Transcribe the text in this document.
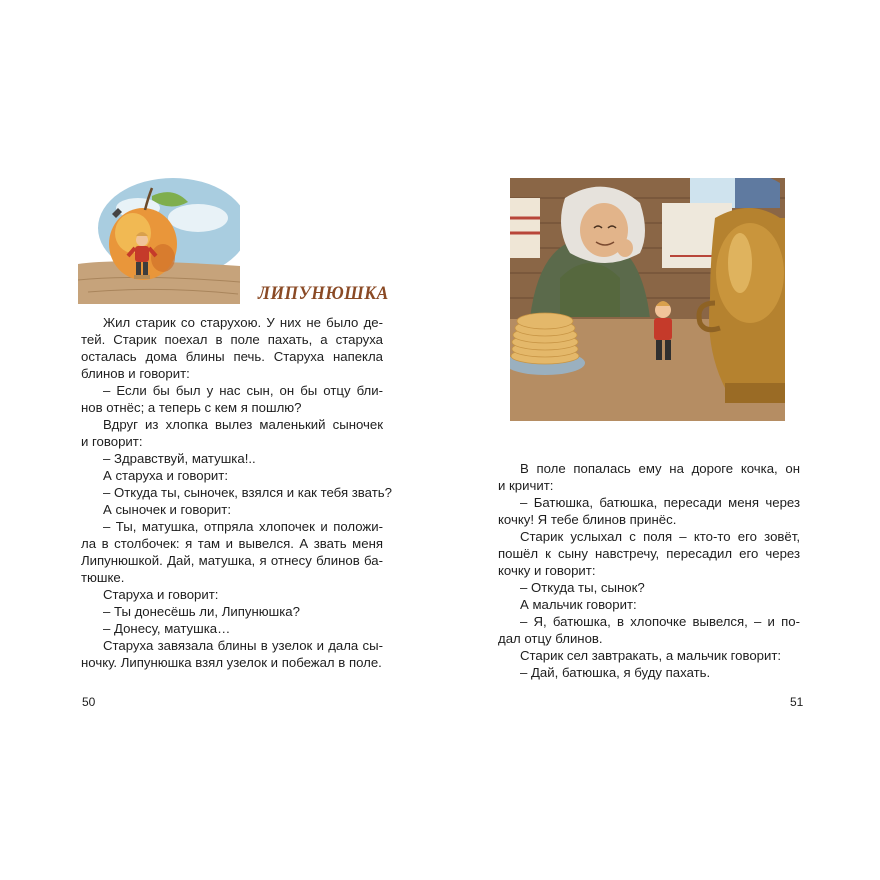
ЛИПУНЮШКА

Жил старик со старухою. У них не было де-
тей. Старик поехал в поле пахать, а старуха
осталась дома блины печь. Старуха напекла
блинов и говорит:

– Если бы был у нас сын, он бы отцу бли-
нов отнёс; а теперь с кем я пошлю?

Вдруг из хлопка вылез маленький сыночек
и говорит:

– Здравствуй, матушка!..

А старуха и говорит:

– Откуда ты, сыночек, взялся и как тебя звать?

А сыночек и говорит:

– Ты, матушка, отпряла хлопочек и положи-
ла в столбочек: я там и вывелся. А звать меня
Липунюшкой. Дай, матушка, я отнесу блинов ба-
тюшке.

Старуха и говорит:

– Ты донесёшь ли, Липунюшка?

– Донесу, матушка…

Старуха завязала блины в узелок и дала сы-
ночку. Липунюшка взял узелок и побежал в поле.

50

В поле попалась ему на дороге кочка, он
и кричит:

– Батюшка, батюшка, пересади меня через
кочку! Я тебе блинов принёс.

Старик услыхал с поля – кто-то его зовёт,
пошёл к сыну навстречу, пересадил его через
кочку и говорит:

– Откуда ты, сынок?

А мальчик говорит:

– Я, батюшка, в хлопочке вывелся, – и по-
дал отцу блинов.

Старик сел завтракать, а мальчик говорит:

– Дай, батюшка, я буду пахать.

51
